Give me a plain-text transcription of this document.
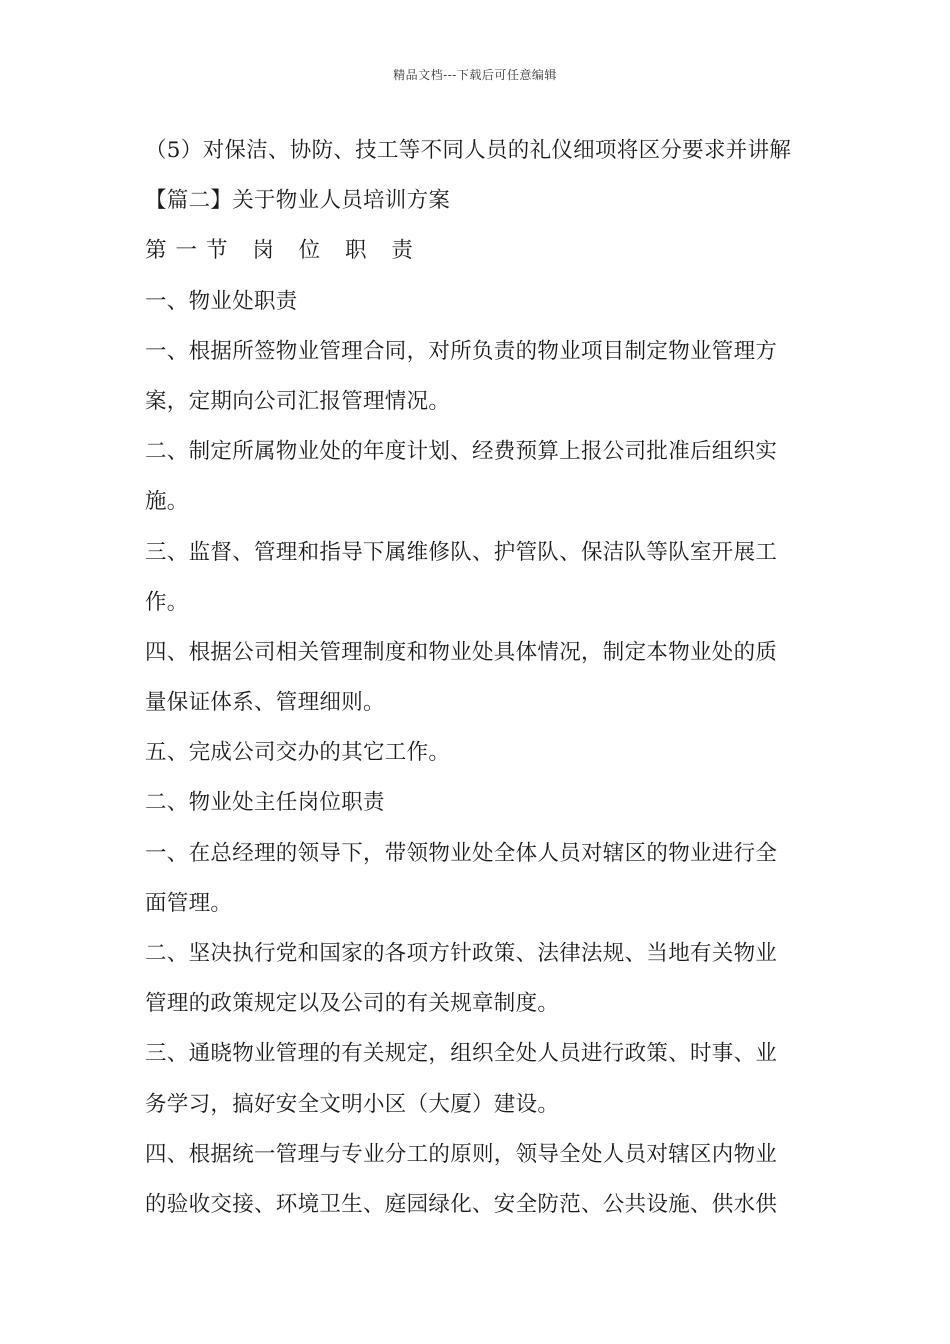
精品文档---下载后可任意编辑
（5）对保洁、协防、技工等不同人员的礼仪细项将区分要求并讲解
【篇二】关于物业人员培训方案
第一节 岗 位 职 责
一、物业处职责
一、根据所签物业管理合同，对所负责的物业项目制定物业管理方
案，定期向公司汇报管理情况。
二、制定所属物业处的年度计划、经费预算上报公司批准后组织实
施。
三、监督、管理和指导下属维修队、护管队、保洁队等队室开展工
作。
四、根据公司相关管理制度和物业处具体情况，制定本物业处的质
量保证体系、管理细则。
五、完成公司交办的其它工作。
二、物业处主任岗位职责
一、在总经理的领导下，带领物业处全体人员对辖区的物业进行全
面管理。
二、坚决执行党和国家的各项方针政策、法律法规、当地有关物业
管理的政策规定以及公司的有关规章制度。
三、通晓物业管理的有关规定，组织全处人员进行政策、时事、业
务学习，搞好安全文明小区（大厦）建设。
四、根据统一管理与专业分工的原则，领导全处人员对辖区内物业
的验收交接、环境卫生、庭园绿化、安全防范、公共设施、供水供
